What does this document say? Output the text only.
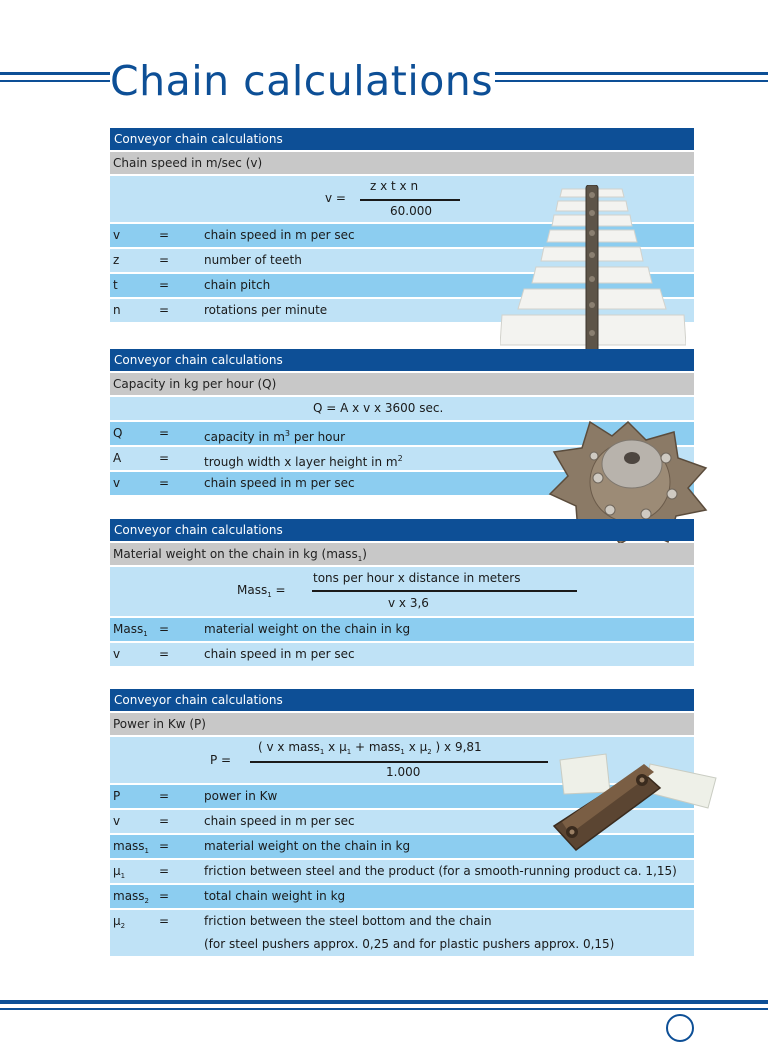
Chain calculations
Conveyor chain calculations
Chain speed in m/sec (v)
v =
z x t x n
60.000
v	=	chain speed in m per sec
z	=	number of teeth
t	=	chain pitch
n	=	rotations per minute
Conveyor chain calculations
Capacity in kg per hour (Q)
Q = A x v x 3600 sec.
Q	=	capacity in $m^3$ per hour
A	=	trough width x layer height in $m^2$
v	=	chain speed in m per sec
Conveyor chain calculations
Material weight on the chain in kg (mass$_1$)
Mass$_1$ =
tons per hour x distance in meters
v x 3,6
Mass$_1$ =	material weight on the chain in kg
v	=	chain speed in m per sec
Conveyor chain calculations
Power in Kw (P)
P =
( v x mass$_1$ x $\mu_1$ + mass$_1$ x $\mu_2$ ) x 9,81
1.000
P	=	power in Kw
v	=	chain speed in m per sec
mass$_1$ =	material weight on the chain in kg
$\mu_1$	=	friction between steel and the product (for a smooth-running product ca. 1,15)
mass$_2$ =	total chain weight in kg
$\mu_2$	=	friction between the steel bottom and the chain
(for steel pushers approx. 0,25 and for plastic pushers approx. 0,15)
